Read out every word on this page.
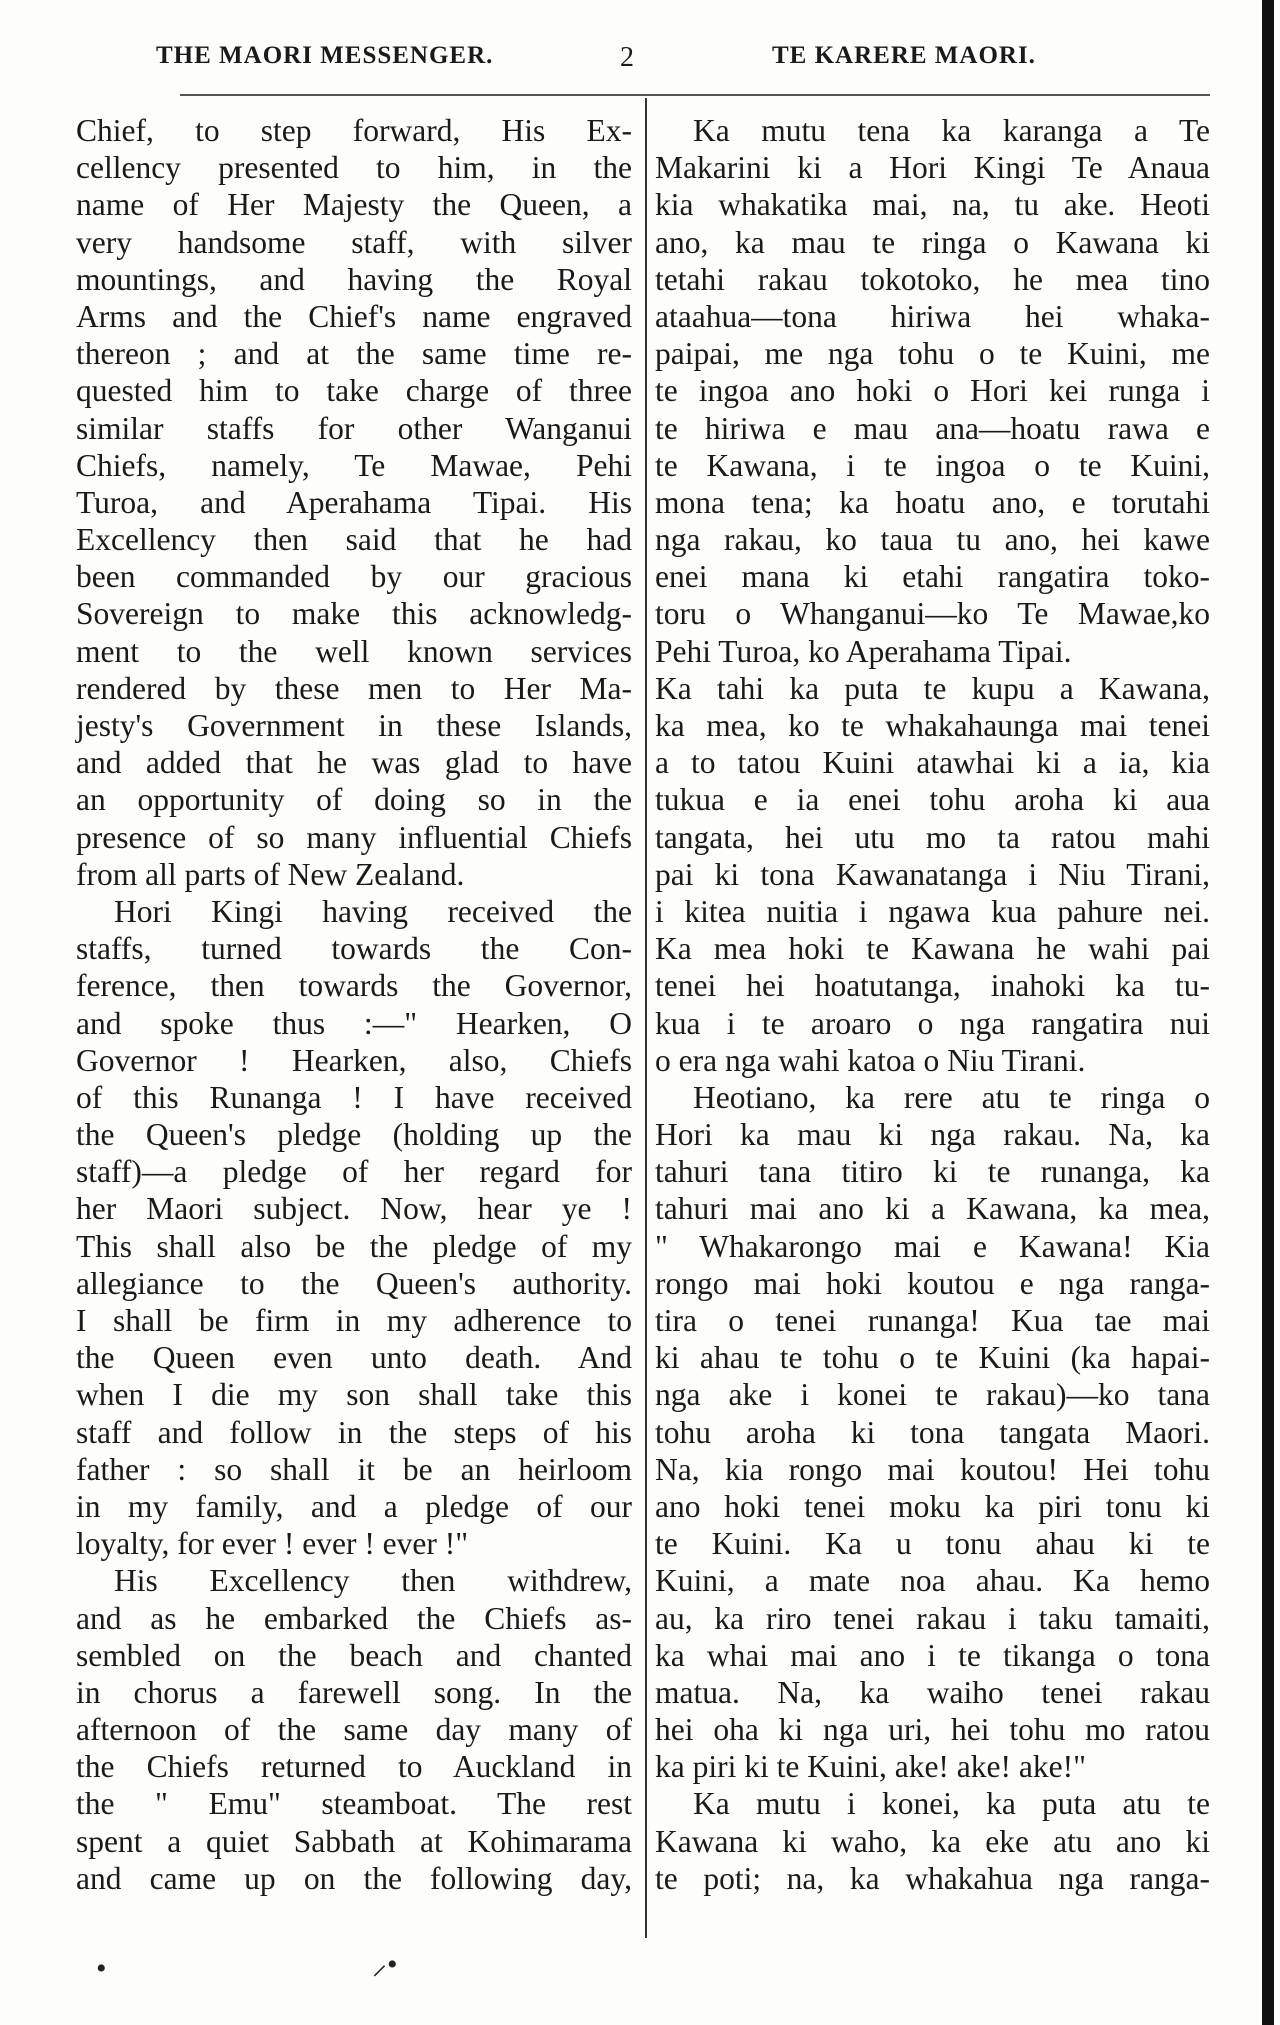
THE MAORI MESSENGER.	2	TE KARERE MAORI.
Chief, to step forward, His Ex-
cellency presented to him, in the
name of Her Majesty the Queen, a
very handsome staff, with silver
mountings, and having the Royal
Arms and the Chief's name engraved
thereon ; and at the same time re-
quested him to take charge of three
similar staffs for other Wanganui
Chiefs, namely, Te Mawae, Pehi
Turoa, and Aperahama Tipai. His
Excellency then said that he had
been commanded by our gracious
Sovereign to make this acknowledg-
ment to the well known services
rendered by these men to Her Ma-
jesty's Government in these Islands,
and added that he was glad to have
an opportunity of doing so in the
presence of so many influential Chiefs
from all parts of New Zealand.
Hori Kingi having received the
staffs, turned towards the Con-
ference, then towards the Governor,
and spoke thus :—" Hearken, O
Governor ! Hearken, also, Chiefs
of this Runanga ! I have received
the Queen's pledge (holding up the
staff)—a pledge of her regard for
her Maori subject. Now, hear ye !
This shall also be the pledge of my
allegiance to the Queen's authority.
I shall be firm in my adherence to
the Queen even unto death. And
when I die my son shall take this
staff and follow in the steps of his
father : so shall it be an heirloom
in my family, and a pledge of our
loyalty, for ever ! ever ! ever !"
His Excellency then withdrew,
and as he embarked the Chiefs as-
sembled on the beach and chanted
in chorus a farewell song. In the
afternoon of the same day many of
the Chiefs returned to Auckland in
the " Emu" steamboat. The rest
spent a quiet Sabbath at Kohimarama
and came up on the following day,
Ka mutu tena ka karanga a Te
Makarini ki a Hori Kingi Te Anaua
kia whakatika mai, na, tu ake. Heoti
ano, ka mau te ringa o Kawana ki
tetahi rakau tokotoko, he mea tino
ataahua—tona hiriwa hei whaka-
paipai, me nga tohu o te Kuini, me
te ingoa ano hoki o Hori kei runga i
te hiriwa e mau ana—hoatu rawa e
te Kawana, i te ingoa o te Kuini,
mona tena; ka hoatu ano, e torutahi
nga rakau, ko taua tu ano, hei kawe
enei mana ki etahi rangatira toko-
toru o Whanganui—ko Te Mawae,ko
Pehi Turoa, ko Aperahama Tipai.
Ka tahi ka puta te kupu a Kawana,
ka mea, ko te whakahaunga mai tenei
a to tatou Kuini atawhai ki a ia, kia
tukua e ia enei tohu aroha ki aua
tangata, hei utu mo ta ratou mahi
pai ki tona Kawanatanga i Niu Tirani,
i kitea nuitia i ngawa kua pahure nei.
Ka mea hoki te Kawana he wahi pai
tenei hei hoatutanga, inahoki ka tu-
kua i te aroaro o nga rangatira nui
o era nga wahi katoa o Niu Tirani.
Heotiano, ka rere atu te ringa o
Hori ka mau ki nga rakau. Na, ka
tahuri tana titiro ki te runanga, ka
tahuri mai ano ki a Kawana, ka mea,
" Whakarongo mai e Kawana! Kia
rongo mai hoki koutou e nga ranga-
tira o tenei runanga! Kua tae mai
ki ahau te tohu o te Kuini (ka hapai-
nga ake i konei te rakau)—ko tana
tohu aroha ki tona tangata Maori.
Na, kia rongo mai koutou! Hei tohu
ano hoki tenei moku ka piri tonu ki
te Kuini. Ka u tonu ahau ki te
Kuini, a mate noa ahau. Ka hemo
au, ka riro tenei rakau i taku tamaiti,
ka whai mai ano i te tikanga o tona
matua. Na, ka waiho tenei rakau
hei oha ki nga uri, hei tohu mo ratou
ka piri ki te Kuini, ake! ake! ake!"
Ka mutu i konei, ka puta atu te
Kawana ki waho, ka eke atu ano ki
te poti; na, ka whakahua nga ranga-
•	⸝•
